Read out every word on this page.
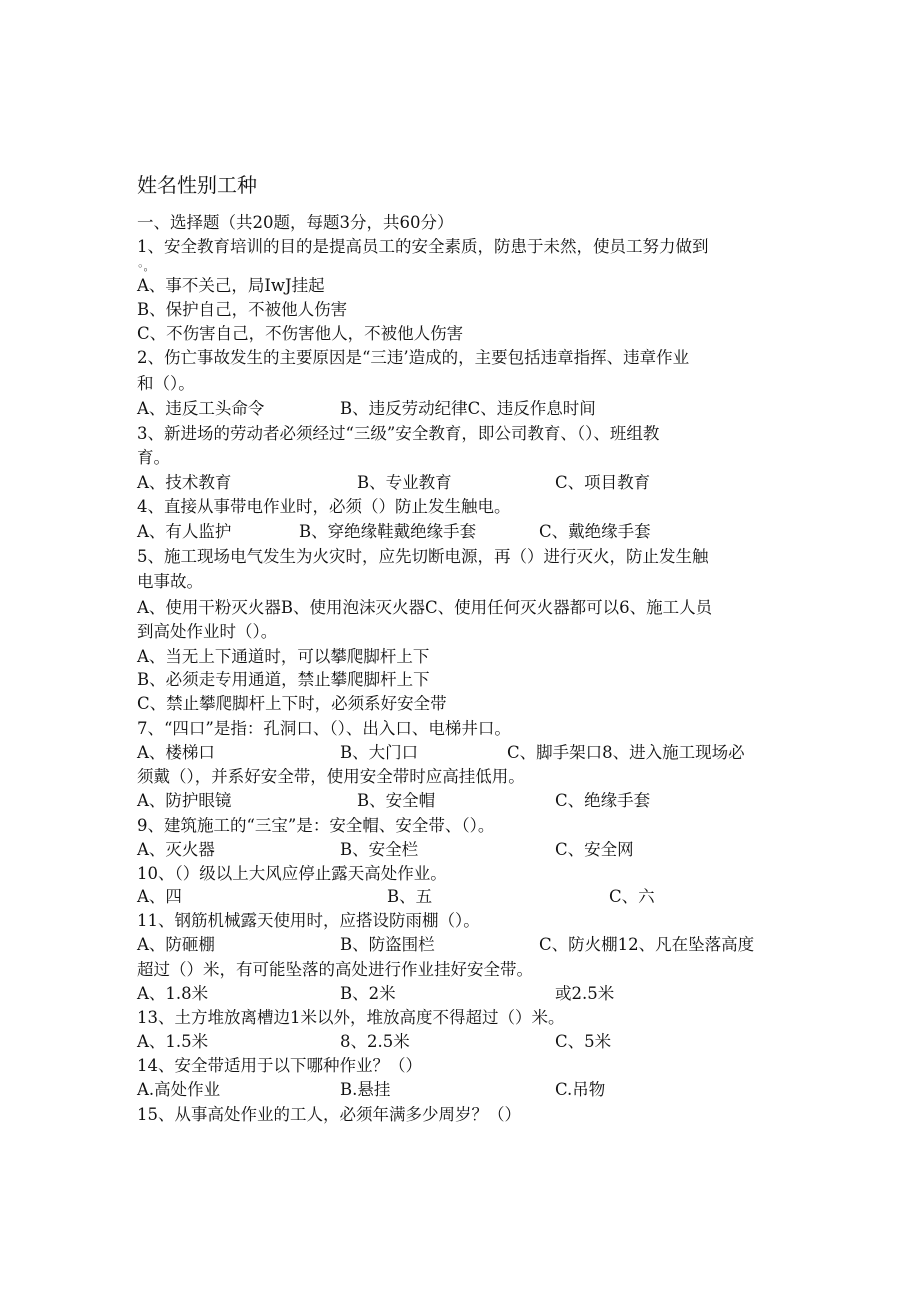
姓名性别工种
一、选择题（共20题，每题3分，共60分）
1、安全教育培训的目的是提高员工的安全素质，防患于未然，使员工努力做到
◦。
A、事不关己，局IwJ挂起
B、保护自己，不被他人伤害
C、不伤害自己，不伤害他人，不被他人伤害
2、伤亡事故发生的主要原因是“三违’造成的，主要包括违章指挥、违章作业
和（）。
A、违反工头命令	B、违反劳动纪律C、违反作息时间
3、新进场的劳动者必须经过“三级”安全教育，即公司教育、（）、班组教
育。
A、技术教育	B、专业教育	C、项目教育
4、直接从事带电作业时，必须（）防止发生触电。
A、有人监护	B、穿绝缘鞋戴绝缘手套	C、戴绝缘手套
5、施工现场电气发生为火灾时，应先切断电源，再（）进行灭火，防止发生触
电事故。
A、使用干粉灭火器B、使用泡沫灭火器C、使用任何灭火器都可以6、施工人员
到高处作业时（）。
A、当无上下通道时，可以攀爬脚杆上下
B、必须走专用通道，禁止攀爬脚杆上下
C、禁止攀爬脚杆上下时，必须系好安全带
7、“四口”是指：孔洞口、（）、出入口、电梯井口。
A、楼梯口	B、大门口	C、脚手架口8、进入施工现场必
须戴（），并系好安全带，使用安全带时应高挂低用。
A、防护眼镜	B、安全帽	C、绝缘手套
9、建筑施工的“三宝”是：安全帽、安全带、（）。
A、灭火器	B、安全栏	C、安全网
10、（）级以上大风应停止露天高处作业。
A、四	B、五	C、六
11、钢筋机械露天使用时，应搭设防雨棚（）。
A、防砸棚	B、防盗围栏	C、防火棚12、凡在坠落高度
超过（）米，有可能坠落的高处进行作业挂好安全带。
A、1.8米	B、2米	或2.5米
13、土方堆放离槽边1米以外，堆放高度不得超过（）米。
A、1.5米	8、2.5米	C、5米
14、安全带适用于以下哪种作业？（）
A.高处作业	B.悬挂	C.吊物
15、从事高处作业的工人，必须年满多少周岁？（）
